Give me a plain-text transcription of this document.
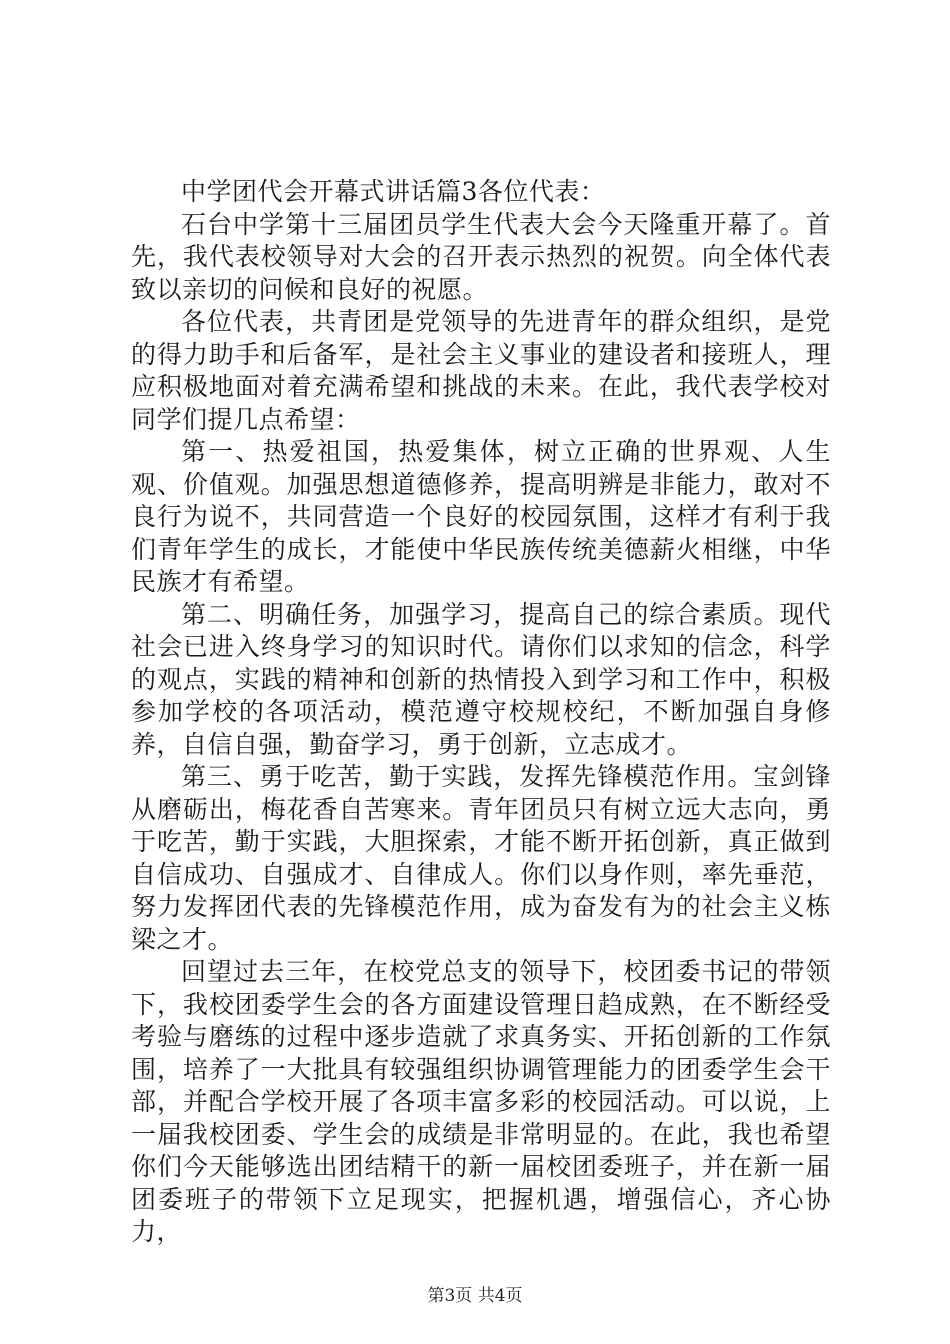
中学团代会开幕式讲话篇3各位代表：

石台中学第十三届团员学生代表大会今天隆重开幕了。首先，我代表校领导对大会的召开表示热烈的祝贺。向全体代表致以亲切的问候和良好的祝愿。

各位代表，共青团是党领导的先进青年的群众组织，是党的得力助手和后备军，是社会主义事业的建设者和接班人，理应积极地面对着充满希望和挑战的未来。在此，我代表学校对同学们提几点希望：

第一、热爱祖国，热爱集体，树立正确的世界观、人生观、价值观。加强思想道德修养，提高明辨是非能力，敢对不良行为说不，共同营造一个良好的校园氛围，这样才有利于我们青年学生的成长，才能使中华民族传统美德薪火相继，中华民族才有希望。

第二、明确任务，加强学习，提高自己的综合素质。现代社会已进入终身学习的知识时代。请你们以求知的信念，科学的观点，实践的精神和创新的热情投入到学习和工作中，积极参加学校的各项活动，模范遵守校规校纪，不断加强自身修养，自信自强，勤奋学习，勇于创新，立志成才。

第三、勇于吃苦，勤于实践，发挥先锋模范作用。宝剑锋从磨砺出，梅花香自苦寒来。青年团员只有树立远大志向，勇于吃苦，勤于实践，大胆探索，才能不断开拓创新，真正做到自信成功、自强成才、自律成人。你们以身作则，率先垂范，努力发挥团代表的先锋模范作用，成为奋发有为的社会主义栋梁之才。

回望过去三年，在校党总支的领导下，校团委书记的带领下，我校团委学生会的各方面建设管理日趋成熟，在不断经受考验与磨练的过程中逐步造就了求真务实、开拓创新的工作氛围，培养了一大批具有较强组织协调管理能力的团委学生会干部，并配合学校开展了各项丰富多彩的校园活动。可以说，上一届我校团委、学生会的成绩是非常明显的。在此，我也希望你们今天能够选出团结精干的新一届校团委班子，并在新一届团委班子的带领下立足现实，把握机遇，增强信心，齐心协力，

第3页 共4页
